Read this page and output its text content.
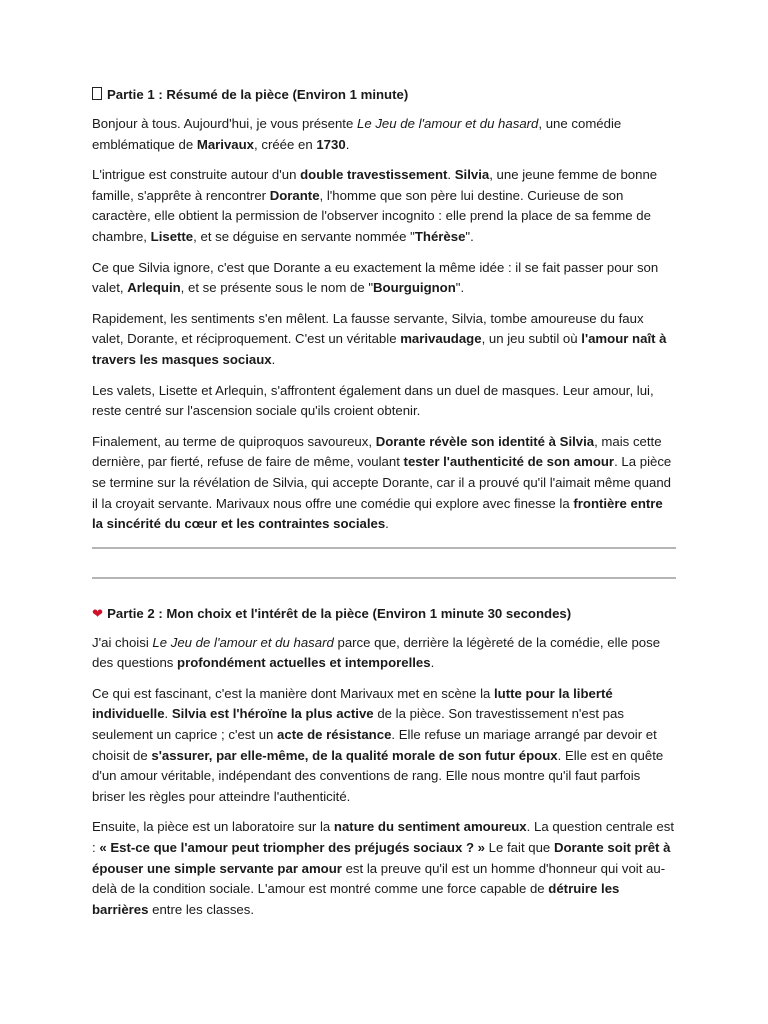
Partie 1 : Résumé de la pièce (Environ 1 minute)

Bonjour à tous. Aujourd'hui, je vous présente Le Jeu de l'amour et du hasard, une comédie emblématique de Marivaux, créée en 1730.

L'intrigue est construite autour d'un double travestissement. Silvia, une jeune femme de bonne famille, s'apprête à rencontrer Dorante, l'homme que son père lui destine. Curieuse de son caractère, elle obtient la permission de l'observer incognito : elle prend la place de sa femme de chambre, Lisette, et se déguise en servante nommée "Thérèse".

Ce que Silvia ignore, c'est que Dorante a eu exactement la même idée : il se fait passer pour son valet, Arlequin, et se présente sous le nom de "Bourguignon".

Rapidement, les sentiments s'en mêlent. La fausse servante, Silvia, tombe amoureuse du faux valet, Dorante, et réciproquement. C'est un véritable marivaudage, un jeu subtil où l'amour naît à travers les masques sociaux.

Les valets, Lisette et Arlequin, s'affrontent également dans un duel de masques. Leur amour, lui, reste centré sur l'ascension sociale qu'ils croient obtenir.

Finalement, au terme de quiproquos savoureux, Dorante révèle son identité à Silvia, mais cette dernière, par fierté, refuse de faire de même, voulant tester l'authenticité de son amour. La pièce se termine sur la révélation de Silvia, qui accepte Dorante, car il a prouvé qu'il l'aimait même quand il la croyait servante. Marivaux nous offre une comédie qui explore avec finesse la frontière entre la sincérité du cœur et les contraintes sociales.

❤ Partie 2 : Mon choix et l'intérêt de la pièce (Environ 1 minute 30 secondes)

J'ai choisi Le Jeu de l'amour et du hasard parce que, derrière la légèreté de la comédie, elle pose des questions profondément actuelles et intemporelles.

Ce qui est fascinant, c'est la manière dont Marivaux met en scène la lutte pour la liberté individuelle. Silvia est l'héroïne la plus active de la pièce. Son travestissement n'est pas seulement un caprice ; c'est un acte de résistance. Elle refuse un mariage arrangé par devoir et choisit de s'assurer, par elle-même, de la qualité morale de son futur époux. Elle est en quête d'un amour véritable, indépendant des conventions de rang. Elle nous montre qu'il faut parfois briser les règles pour atteindre l'authenticité.

Ensuite, la pièce est un laboratoire sur la nature du sentiment amoureux. La question centrale est : « Est-ce que l'amour peut triompher des préjugés sociaux ? » Le fait que Dorante soit prêt à épouser une simple servante par amour est la preuve qu'il est un homme d'honneur qui voit au-delà de la condition sociale. L'amour est montré comme une force capable de détruire les barrières entre les classes.
